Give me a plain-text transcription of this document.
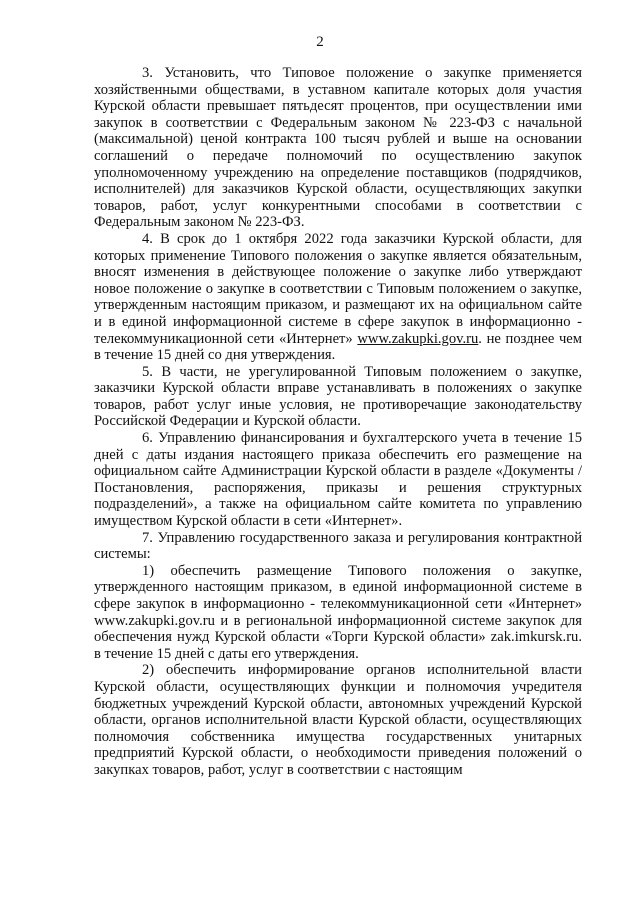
2

3. Установить, что Типовое положение о закупке применяется хозяйственными обществами, в уставном капитале которых доля участия Курской области превышает пятьдесят процентов, при осуществлении ими закупок в соответствии с Федеральным законом № 223-ФЗ с начальной (максимальной) ценой контракта 100 тысяч рублей и выше на основании соглашений о передаче полномочий по осуществлению закупок уполномоченному учреждению на определение поставщиков (подрядчиков, исполнителей) для заказчиков Курской области, осуществляющих закупки товаров, работ, услуг конкурентными способами в соответствии с Федеральным законом № 223-ФЗ.

4. В срок до 1 октября 2022 года заказчики Курской области, для которых применение Типового положения о закупке является обязательным, вносят изменения в действующее положение о закупке либо утверждают новое положение о закупке в соответствии с Типовым положением о закупке, утвержденным настоящим приказом, и размещают их на официальном сайте и в единой информационной системе в сфере закупок в информационно - телекоммуникационной сети «Интернет» www.zakupki.gov.ru. не позднее чем в течение 15 дней со дня утверждения.

5. В части, не урегулированной Типовым положением о закупке, заказчики Курской области вправе устанавливать в положениях о закупке товаров, работ услуг иные условия, не противоречащие законодательству Российской Федерации и Курской области.

6. Управлению финансирования и бухгалтерского учета в течение 15 дней с даты издания настоящего приказа обеспечить его размещение на официальном сайте Администрации Курской области в разделе «Документы /Постановления, распоряжения, приказы и решения структурных подразделений», а также на официальном сайте комитета по управлению имуществом Курской области в сети «Интернет».

7. Управлению государственного заказа и регулирования контрактной системы:

1) обеспечить размещение Типового положения о закупке, утвержденного настоящим приказом, в единой информационной системе в сфере закупок в информационно - телекоммуникационной сети «Интернет» www.zakupki.gov.ru и в региональной информационной системе закупок для обеспечения нужд Курской области «Торги Курской области» zak.imkursk.ru. в течение 15 дней с даты его утверждения.

2) обеспечить информирование органов исполнительной власти Курской области, осуществляющих функции и полномочия учредителя бюджетных учреждений Курской области, автономных учреждений Курской области, органов исполнительной власти Курской области, осуществляющих полномочия собственника имущества государственных унитарных предприятий Курской области, о необходимости приведения положений о закупках товаров, работ, услуг в соответствии с настоящим
